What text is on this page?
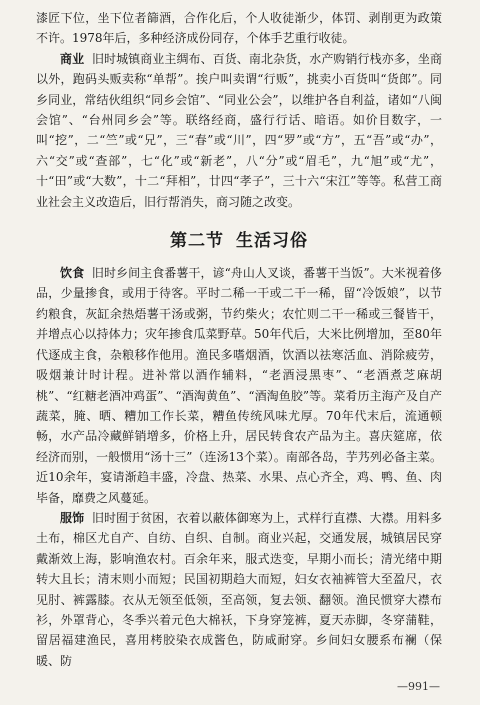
漆匠下位，坐下位者篩酒，合作化后，个人收徒渐少，体罚、剥削更为政策不许。1978年后，多种经济成份同存，个体手艺重行收徒。

商业 旧时城镇商业主绸布、百货、南北杂货，水产购销行栈亦多，坐商以外，跑码头贩卖称“单帮”。挨户叫卖谓“行贩”，挑卖小百货叫“货郎”。同乡同业，常结伙组织“同乡会馆”、“同业公会”，以维护各自利益，诸如“八闽会馆”、“台州同乡会”等。联络经商，盛行行话、暗语。如价目数字，一叫“挖”，二“竺”或“兄”，三“春”或“川”，四“罗”或“方”，五“吾”或“办”，六“交”或“查部”，七“化”或“新老”，八“分”或“眉毛”，九“旭”或“尤”，十“田”或“大数”，十二“拜相”，廿四“孝子”，三十六“宋江”等等。私营工商业社会主义改造后，旧行帮消失，商习随之改变。

第二节 生活习俗

饮食 旧时乡间主食番薯干，谚“舟山人叉谈，番薯干当饭”。大米视着侈品，少量掺食，或用于待客。平时二稀一干或二干一稀，留“冷饭娘”，以节约粮食，灰缸余热焐薯干汤或粥，节约柴火；农忙则二干一稀或三餐皆干，并增点心以持体力；灾年掺食瓜菜野草。50年代后，大米比例增加，至80年代逐成主食，杂粮移作他用。渔民多嗜烟酒，饮酒以祛寒活血、消除疲劳，吸烟兼计时计程。进补常以酒作辅料，“老酒浸黑枣”、“老酒煮芝麻胡桃”、“红糖老酒冲鸡蛋”、“酒淘黄鱼”、“酒淘鱼胶”等。菜肴历主海产及自产蔬菜，腌、晒、糟加工作长菜，糟鱼传统风味尤厚。70年代末后，流通顿畅，水产品冷藏鲜销增多，价格上升，居民转食农产品为主。喜庆筵席，依经济而别，一般惯用“汤十三”（连汤13个菜）。南部各岛，芋艿列必备主菜。近10余年，宴请渐趋丰盛，冷盘、热菜、水果、点心齐全，鸡、鸭、鱼、肉毕备，靡费之风蔓延。

服饰 旧时囿于贫困，衣着以蔽体御寒为上，式样行直襟、大襟。用料多土布，棉区尤自产、自纺、自织、自制。商业兴起，交通发展，城镇居民穿戴渐效上海，影响渔农村。百余年来，服式迭变，早期小而长；清光绪中期转大且长；清末则小而短；民国初期趋大而短，妇女衣袖裤管大至盈尺，衣见肘、裤露膝。衣从无领至低领，至高领，复去领、翻领。渔民惯穿大襟布衫，外罩背心，冬季兴着元色大棉袄，下身穿笼裤，夏天赤脚，冬穿蒲鞋，留居福建渔民，喜用栲胶染衣成酱色，防咸耐穿。乡间妇女腰系布襕（保暖、防

—991—
